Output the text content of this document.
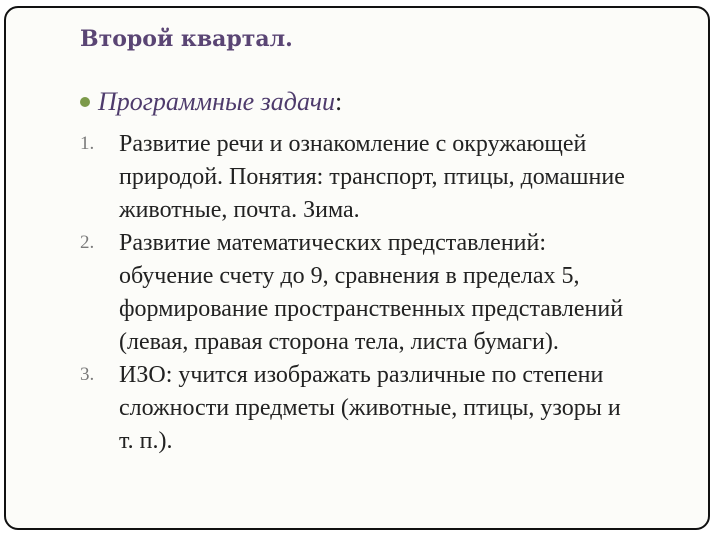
Второй квартал.
Программные задачи :
1. Развитие речи и ознакомление с окружающей
природой. Понятия: транспорт, птицы, домашние
животные, почта. Зима.
2. Развитие математических представлений:
обучение счету до 9, сравнения в пределах 5,
формирование пространственных представлений
(левая, правая сторона тела, листа бумаги).
3. ИЗО: учится изображать различные по степени
сложности предметы (животные, птицы, узоры и
т. п.).
